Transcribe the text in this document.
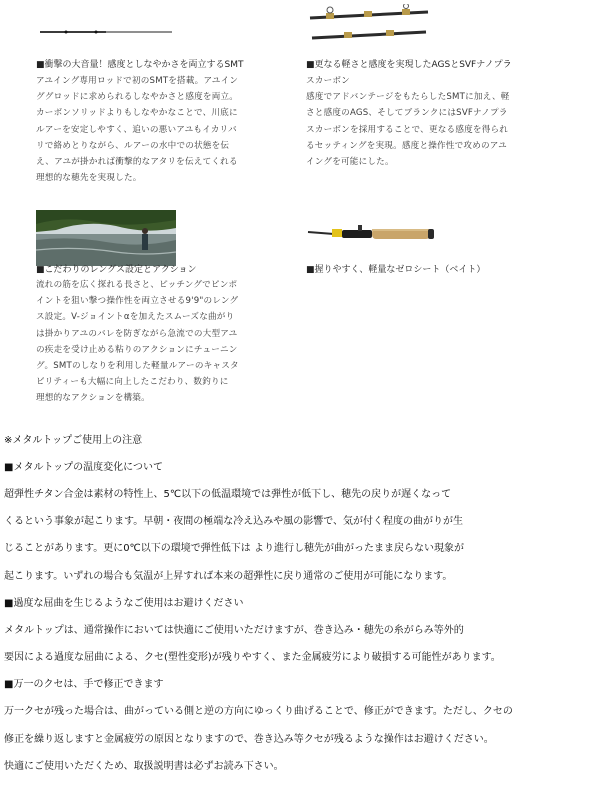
■衝撃の大音量！感度としなやかさを両立するSMT
アユイング専用ロッドで初のSMTを搭載。アユイン
ググロッドに求められるしなやかさと感度を両立。
カーボンソリッドよりもしなやかなことで、川底に
ルアーを安定しやすく、追いの悪いアユもイカリバ
リで絡めとりながら、ルアーの水中での状態を伝
え、アユが掛かれば衝撃的なアタリを伝えてくれる
理想的な穂先を実現した。
■更なる軽さと感度を実現したAGSとSVFナノプラ
スカーボン
感度でアドバンテージをもたらしたSMTに加え、軽
さと感度のAGS、そしてブランクにはSVFナノプラ
スカーボンを採用することで、更なる感度を得られ
るセッティングを実現。感度と操作性で攻めのアユ
イングを可能にした。
■こだわりのレングス設定とアクション
流れの筋を広く探れる長さと、ピッチングでピンポ
イントを狙い撃つ操作性を両立させる9'9"のレング
ス設定。V-ジョイントαを加えたスムーズな曲がり
は掛かりアユのバレを防ぎながら急流での大型アユ
の疾走を受け止める粘りのアクションにチューニン
グ。SMTのしなりを利用した軽量ルアーのキャスタ
ビリティーも大幅に向上したこだわり、数釣りに
理想的なアクションを構築。
■握りやすく、軽量なゼロシート（ベイト）

※メタルトップご使用上の注意

■メタルトップの温度変化について

超弾性チタン合金は素材の特性上、5℃以下の低温環境では弾性が低下し、穂先の戻りが遅くなって

くるという事象が起こります。早朝・夜間の極端な冷え込みや風の影響で、気が付く程度の曲がりが生

じることがあります。更に0℃以下の環境で弾性低下は より進行し穂先が曲がったまま戻らない現象が

起こります。いずれの場合も気温が上昇すれば本来の超弾性に戻り通常のご使用が可能になります。

■過度な屈曲を生じるようなご使用はお避けください

メタルトップは、通常操作においては快適にご使用いただけますが、巻き込み・穂先の糸がらみ等外的

要因による過度な屈曲による、クセ(塑性変形)が残りやすく、また金属疲労により破損する可能性があります。

■万一のクセは、手で修正できます

万一クセが残った場合は、曲がっている側と逆の方向にゆっくり曲げることで、修正ができます。ただし、クセの

修正を繰り返しますと金属疲労の原因となりますので、巻き込み等クセが残るような操作はお避けください。

快適にご使用いただくため、取扱説明書は必ずお読み下さい。
